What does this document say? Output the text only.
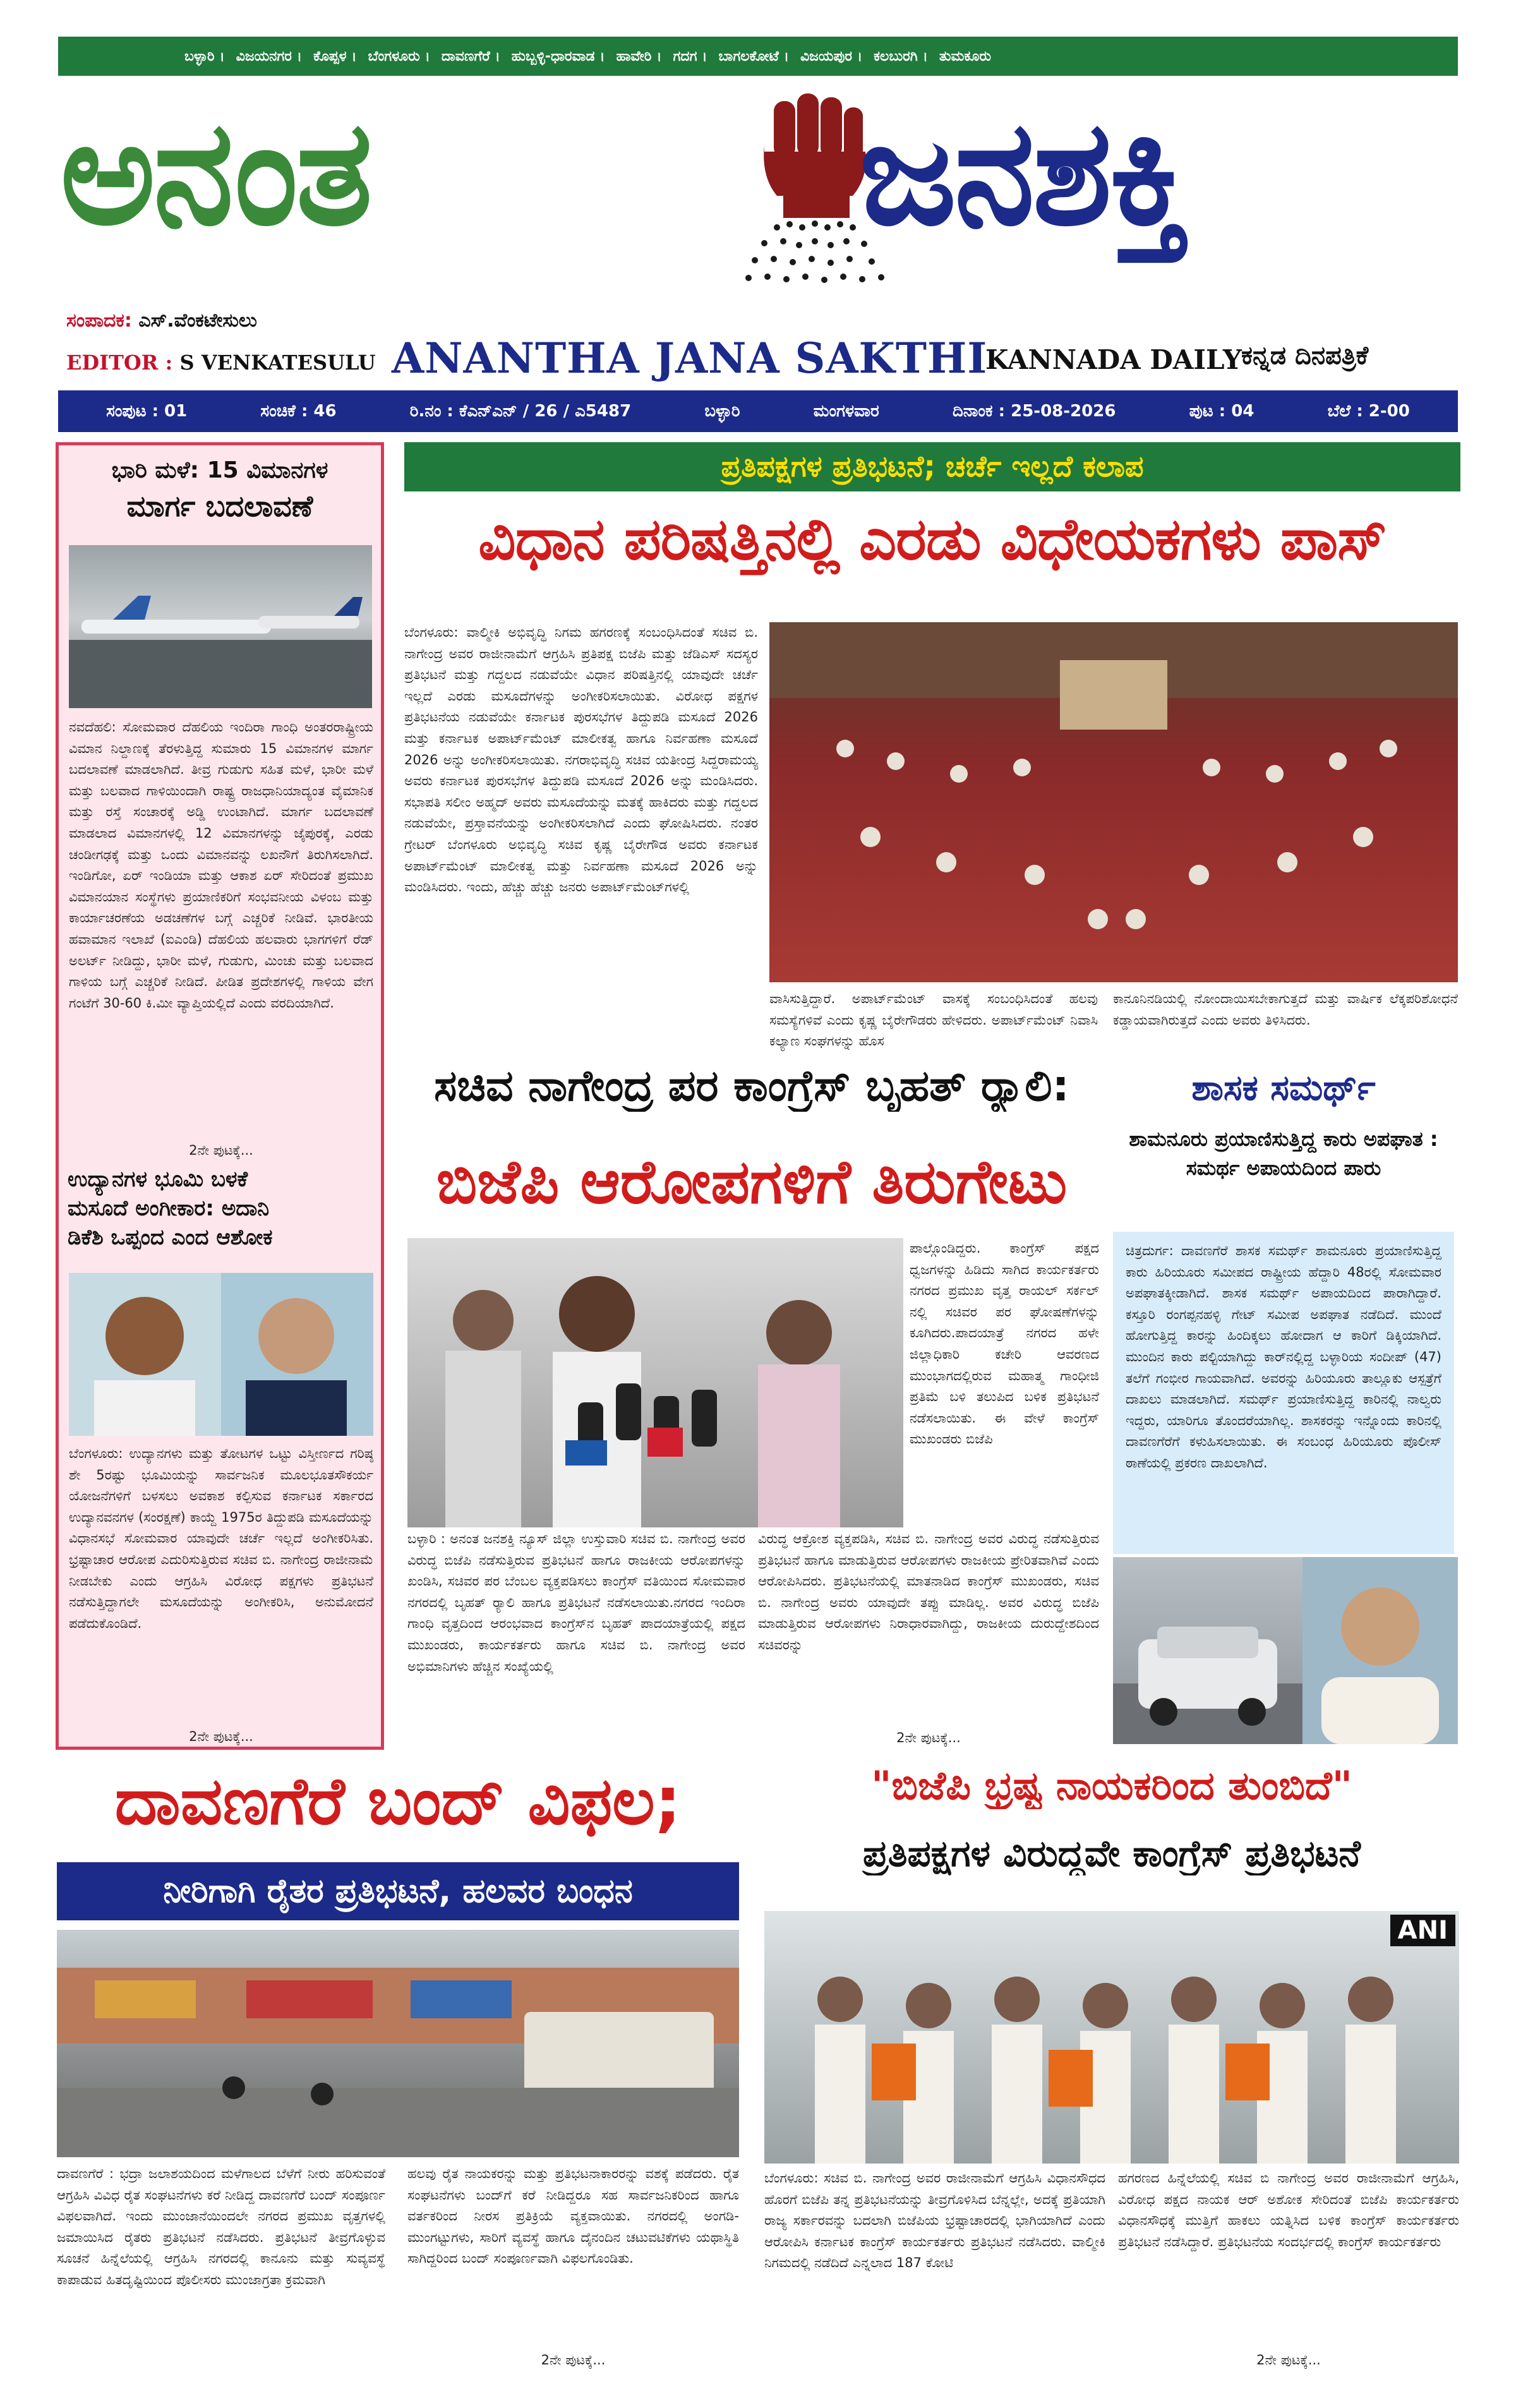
ಬಳ್ಳಾರಿ । ವಿಜಯನಗರ । ಕೊಪ್ಪಳ । ಬೆಂಗಳೂರು । ದಾವಣಗೆರೆ । ಹುಬ್ಬಳ್ಳಿ-ಧಾರವಾಡ । ಹಾವೇರಿ । ಗದಗ । ಬಾಗಲಕೋಟೆ । ವಿಜಯಪುರ । ಕಲಬುರಗಿ । ತುಮಕೂರು
ಅನಂತ	ಜನಶಕ್ತಿ
ಸಂಪಾದಕ: ಎಸ್.ವೆಂಕಟೇಸುಲು
EDITOR : S VENKATESULU ANANTHA JANA SAKTHI
KANNADA DAILY ಕನ್ನಡ ದಿನಪತ್ರಿಕೆ
ಸಂಪುಟ : 01	ಸಂಚಿಕೆ : 46	ರಿ.ನಂ : ಕೆಎನ್ಎನ್ / 26 / ಎ5487	ಬಳ್ಳಾರಿ	ಮಂಗಳವಾರ	ದಿನಾಂಕ : 25-08-2026	ಪುಟ : 04	ಬೆಲೆ : 2-00
ಭಾರಿ ಮಳೆ: 15 ವಿಮಾನಗಳ
ಮಾರ್ಗ ಬದಲಾವಣೆ
ನವದೆಹಲಿ: ಸೋಮವಾರ ದೆಹಲಿಯ ಇಂದಿರಾ ಗಾಂಧಿ ಅಂತರರಾಷ್ಟ್ರೀಯ ವಿಮಾನ ನಿಲ್ದಾಣಕ್ಕೆ ತೆರಳುತ್ತಿದ್ದ ಸುಮಾರು 15 ವಿಮಾನಗಳ ಮಾರ್ಗ ಬದಲಾವಣೆ ಮಾಡಲಾಗಿದೆ. ತೀವ್ರ ಗುಡುಗು ಸಹಿತ ಮಳೆ, ಭಾರೀ ಮಳೆ ಮತ್ತು ಬಲವಾದ ಗಾಳಿಯಿಂದಾಗಿ ರಾಷ್ಟ್ರ ರಾಜಧಾನಿಯಾದ್ಯಂತ ವೈಮಾನಿಕ ಮತ್ತು ರಸ್ತೆ ಸಂಚಾರಕ್ಕೆ ಅಡ್ಡಿ ಉಂಟಾಗಿದೆ. ಮಾರ್ಗ ಬದಲಾವಣೆ ಮಾಡಲಾದ ವಿಮಾನಗಳಲ್ಲಿ 12 ವಿಮಾನಗಳನ್ನು ಜೈಪುರಕ್ಕೆ, ಎರಡು ಚಂಡೀಗಢಕ್ಕೆ ಮತ್ತು ಒಂದು ವಿಮಾನವನ್ನು ಲಖನೌಗೆ ತಿರುಗಿಸಲಾಗಿದೆ. ಇಂಡಿಗೋ, ಏರ್ ಇಂಡಿಯಾ ಮತ್ತು ಆಕಾಶ ಏರ್ ಸೇರಿದಂತೆ ಪ್ರಮುಖ ವಿಮಾನಯಾನ ಸಂಸ್ಥೆಗಳು ಪ್ರಯಾಣಿಕರಿಗೆ ಸಂಭವನೀಯ ವಿಳಂಬ ಮತ್ತು ಕಾರ್ಯಾಚರಣೆಯ ಅಡಚಣೆಗಳ ಬಗ್ಗೆ ಎಚ್ಚರಿಕೆ ನೀಡಿವೆ. ಭಾರತೀಯ ಹವಾಮಾನ ಇಲಾಖೆ (ಐಎಂಡಿ) ದೆಹಲಿಯ ಹಲವಾರು ಭಾಗಗಳಿಗೆ ರೆಡ್ ಅಲರ್ಟ್ ನೀಡಿದ್ದು, ಭಾರೀ ಮಳೆ, ಗುಡುಗು, ಮಿಂಚು ಮತ್ತು ಬಲವಾದ ಗಾಳಿಯ ಬಗ್ಗೆ ಎಚ್ಚರಿಕೆ ನೀಡಿದೆ. ಪೀಡಿತ ಪ್ರದೇಶಗಳಲ್ಲಿ ಗಾಳಿಯ ವೇಗ ಗಂಟೆಗೆ 30-60 ಕಿ.ಮೀ ವ್ಯಾಪ್ತಿಯಲ್ಲಿದೆ ಎಂದು ವರದಿಯಾಗಿದೆ.
2ನೇ ಪುಟಕ್ಕೆ...
ಉದ್ಯಾನಗಳ ಭೂಮಿ ಬಳಕೆ
ಮಸೂದೆ ಅಂಗೀಕಾರ: ಅದಾನಿ
ಡಿಕೆಶಿ ಒಪ್ಪಂದ ಎಂದ ಆಶೋಕ
ಬೆಂಗಳೂರು: ಉದ್ಯಾನಗಳು ಮತ್ತು ತೋಟಗಳ ಒಟ್ಟು ವಿಸ್ತೀರ್ಣದ ಗರಿಷ್ಠ ಶೇ 5ರಷ್ಟು ಭೂಮಿಯನ್ನು ಸಾರ್ವಜನಿಕ ಮೂಲಭೂತಸೌಕರ್ಯ ಯೋಜನೆಗಳಿಗೆ ಬಳಸಲು ಅವಕಾಶ ಕಲ್ಪಿಸುವ ಕರ್ನಾಟಕ ಸರ್ಕಾರದ ಉದ್ಯಾನವನಗಳ (ಸಂರಕ್ಷಣೆ) ಕಾಯ್ದೆ 1975ರ ತಿದ್ದುಪಡಿ ಮಸೂದೆಯನ್ನು ವಿಧಾನಸಭೆ ಸೋಮವಾರ ಯಾವುದೇ ಚರ್ಚೆ ಇಲ್ಲದೆ ಅಂಗೀಕರಿಸಿತು. ಭ್ರಷ್ಟಾಚಾರ ಆರೋಪ ಎದುರಿಸುತ್ತಿರುವ ಸಚಿವ ಬಿ. ನಾಗೇಂದ್ರ ರಾಜೀನಾಮೆ ನೀಡಬೇಕು ಎಂದು ಆಗ್ರಹಿಸಿ ವಿರೋಧ ಪಕ್ಷಗಳು ಪ್ರತಿಭಟನೆ ನಡೆಸುತ್ತಿದ್ದಾಗಲೇ ಮಸೂದೆಯನ್ನು ಅಂಗೀಕರಿಸಿ, ಅನುಮೋದನೆ ಪಡೆದುಕೊಂಡಿದೆ.
2ನೇ ಪುಟಕ್ಕೆ...
ಪ್ರತಿಪಕ್ಷಗಳ ಪ್ರತಿಭಟನೆ; ಚರ್ಚೆ ಇಲ್ಲದೆ ಕಲಾಪ
ವಿಧಾನ ಪರಿಷತ್ತಿನಲ್ಲಿ ಎರಡು ವಿಧೇಯಕಗಳು ಪಾಸ್
ಬೆಂಗಳೂರು: ವಾಲ್ಮೀಕಿ ಅಭಿವೃದ್ಧಿ ನಿಗಮ ಹಗರಣಕ್ಕೆ ಸಂಬಂಧಿಸಿದಂತೆ ಸಚಿವ ಬಿ. ನಾಗೇಂದ್ರ ಅವರ ರಾಜೀನಾಮೆಗೆ ಆಗ್ರಹಿಸಿ ಪ್ರತಿಪಕ್ಷ ಬಿಜೆಪಿ ಮತ್ತು ಜೆಡಿಎಸ್ ಸದಸ್ಯರ ಪ್ರತಿಭಟನೆ ಮತ್ತು ಗದ್ದಲದ ನಡುವೆಯೇ ವಿಧಾನ ಪರಿಷತ್ತಿನಲ್ಲಿ ಯಾವುದೇ ಚರ್ಚೆ ಇಲ್ಲದೆ ಎರಡು ಮಸೂದೆಗಳನ್ನು ಅಂಗೀಕರಿಸಲಾಯಿತು. ವಿರೋಧ ಪಕ್ಷಗಳ ಪ್ರತಿಭಟನೆಯ ನಡುವೆಯೇ ಕರ್ನಾಟಕ ಪುರಸಭೆಗಳ ತಿದ್ದುಪಡಿ ಮಸೂದೆ 2026 ಮತ್ತು ಕರ್ನಾಟಕ ಅಪಾರ್ಟ್‌ಮೆಂಟ್ ಮಾಲೀಕತ್ವ ಹಾಗೂ ನಿರ್ವಹಣಾ ಮಸೂದೆ 2026 ಅನ್ನು ಅಂಗೀಕರಿಸಲಾಯಿತು. ನಗರಾಭಿವೃದ್ಧಿ ಸಚಿವ ಯತೀಂದ್ರ ಸಿದ್ದರಾಮಯ್ಯ ಅವರು ಕರ್ನಾಟಕ ಪುರಸಭೆಗಳ ತಿದ್ದುಪಡಿ ಮಸೂದೆ 2026 ಅನ್ನು ಮಂಡಿಸಿದರು. ಸಭಾಪತಿ ಸಲೀಂ ಅಹ್ಮದ್ ಅವರು ಮಸೂದೆಯನ್ನು ಮತಕ್ಕೆ ಹಾಕಿದರು ಮತ್ತು ಗದ್ದಲದ ನಡುವೆಯೇ, ಪ್ರಸ್ತಾವನೆಯನ್ನು ಅಂಗೀಕರಿಸಲಾಗಿದೆ ಎಂದು ಘೋಷಿಸಿದರು. ನಂತರ ಗ್ರೇಟರ್ ಬೆಂಗಳೂರು ಅಭಿವೃದ್ಧಿ ಸಚಿವ ಕೃಷ್ಣ ಬೈರೇಗೌಡ ಅವರು ಕರ್ನಾಟಕ ಅಪಾರ್ಟ್‌ಮೆಂಟ್ ಮಾಲೀಕತ್ವ ಮತ್ತು ನಿರ್ವಹಣಾ ಮಸೂದೆ 2026 ಅನ್ನು ಮಂಡಿಸಿದರು. ಇಂದು, ಹೆಚ್ಚು ಹೆಚ್ಚು ಜನರು ಅಪಾರ್ಟ್‌ಮೆಂಟ್‌ಗಳಲ್ಲಿ
ವಾಸಿಸುತ್ತಿದ್ದಾರೆ. ಅಪಾರ್ಟ್‌ಮೆಂಟ್ ವಾಸಕ್ಕೆ ಸಂಬಂಧಿಸಿದಂತೆ ಹಲವು ಸಮಸ್ಯೆಗಳಿವೆ ಎಂದು ಕೃಷ್ಣ ಬೈರೇಗೌಡರು ಹೇಳಿದರು. ಅಪಾರ್ಟ್‌ಮೆಂಟ್ ನಿವಾಸಿ ಕಲ್ಯಾಣ ಸಂಘಗಳನ್ನು ಹೊಸ
ಕಾನೂನಿನಡಿಯಲ್ಲಿ ನೋಂದಾಯಿಸಬೇಕಾಗುತ್ತದೆ ಮತ್ತು ವಾರ್ಷಿಕ ಲೆಕ್ಕಪರಿಶೋಧನೆ ಕಡ್ಡಾಯವಾಗಿರುತ್ತದೆ ಎಂದು ಅವರು ತಿಳಿಸಿದರು.
ಸಚಿವ ನಾಗೇಂದ್ರ ಪರ ಕಾಂಗ್ರೆಸ್ ಬೃಹತ್ ರ್‍ಯಾಲಿ:
ಬಿಜೆಪಿ ಆರೋಪಗಳಿಗೆ ತಿರುಗೇಟು
ಪಾಲ್ಗೊಂಡಿದ್ದರು. ಕಾಂಗ್ರೆಸ್ ಪಕ್ಷದ ಧ್ವಜಗಳನ್ನು ಹಿಡಿದು ಸಾಗಿದ ಕಾರ್ಯಕರ್ತರು ನಗರದ ಪ್ರಮುಖ ವೃತ್ತ ರಾಯಲ್ ಸರ್ಕಲ್ ನಲ್ಲಿ ಸಚಿವರ ಪರ ಘೋಷಣೆಗಳನ್ನು ಕೂಗಿದರು.ಪಾದಯಾತ್ರೆ ನಗರದ ಹಳೇ ಜಿಲ್ಲಾಧಿಕಾರಿ ಕಚೇರಿ ಆವರಣದ ಮುಂಭಾಗದಲ್ಲಿರುವ ಮಹಾತ್ಮ ಗಾಂಧೀಜಿ ಪ್ರತಿಮೆ ಬಳಿ ತಲುಪಿದ ಬಳಿಕ ಪ್ರತಿಭಟನೆ ನಡೆಸಲಾಯಿತು. ಈ ವೇಳೆ ಕಾಂಗ್ರೆಸ್ ಮುಖಂಡರು ಬಿಜೆಪಿ
ಬಳ್ಳಾರಿ : ಅನಂತ ಜನಶಕ್ತಿ ನ್ಯೂಸ್ ಜಿಲ್ಲಾ ಉಸ್ತುವಾರಿ ಸಚಿವ ಬಿ. ನಾಗೇಂದ್ರ ಅವರ ವಿರುದ್ಧ ಬಿಜೆಪಿ ನಡೆಸುತ್ತಿರುವ ಪ್ರತಿಭಟನೆ ಹಾಗೂ ರಾಜಕೀಯ ಆರೋಪಗಳನ್ನು ಖಂಡಿಸಿ, ಸಚಿವರ ಪರ ಬೆಂಬಲ ವ್ಯಕ್ತಪಡಿಸಲು ಕಾಂಗ್ರೆಸ್ ವತಿಯಿಂದ ಸೋಮವಾರ ನಗರದಲ್ಲಿ ಬೃಹತ್ ರ್‍ಯಾಲಿ ಹಾಗೂ ಪ್ರತಿಭಟನೆ ನಡೆಸಲಾಯಿತು.ನಗರದ ಇಂದಿರಾ ಗಾಂಧಿ ವೃತ್ತದಿಂದ ಆರಂಭವಾದ ಕಾಂಗ್ರೆಸ್‌ನ ಬೃಹತ್ ಪಾದಯಾತ್ರೆಯಲ್ಲಿ ಪಕ್ಷದ ಮುಖಂಡರು, ಕಾರ್ಯಕರ್ತರು ಹಾಗೂ ಸಚಿವ ಬಿ. ನಾಗೇಂದ್ರ ಅವರ ಅಭಿಮಾನಿಗಳು ಹೆಚ್ಚಿನ ಸಂಖ್ಯೆಯಲ್ಲಿ
ವಿರುದ್ಧ ಆಕ್ರೋಶ ವ್ಯಕ್ತಪಡಿಸಿ, ಸಚಿವ ಬಿ. ನಾಗೇಂದ್ರ ಅವರ ವಿರುದ್ಧ ನಡೆಸುತ್ತಿರುವ ಪ್ರತಿಭಟನೆ ಹಾಗೂ ಮಾಡುತ್ತಿರುವ ಆರೋಪಗಳು ರಾಜಕೀಯ ಪ್ರೇರಿತವಾಗಿವೆ ಎಂದು ಆರೋಪಿಸಿದರು. ಪ್ರತಿಭಟನೆಯಲ್ಲಿ ಮಾತನಾಡಿದ ಕಾಂಗ್ರೆಸ್ ಮುಖಂಡರು, ಸಚಿವ ಬಿ. ನಾಗೇಂದ್ರ ಅವರು ಯಾವುದೇ ತಪ್ಪು ಮಾಡಿಲ್ಲ. ಅವರ ವಿರುದ್ಧ ಬಿಜೆಪಿ ಮಾಡುತ್ತಿರುವ ಆರೋಪಗಳು ನಿರಾಧಾರವಾಗಿದ್ದು, ರಾಜಕೀಯ ದುರುದ್ದೇಶದಿಂದ ಸಚಿವರನ್ನು
2ನೇ ಪುಟಕ್ಕೆ...
ಶಾಸಕ ಸಮರ್ಥ್
ಶಾಮನೂರು ಪ್ರಯಾಣಿಸುತ್ತಿದ್ದ ಕಾರು ಅಪಘಾತ : ಸಮರ್ಥ ಅಪಾಯದಿಂದ ಪಾರು
ಚಿತ್ರದುರ್ಗ: ದಾವಣಗೆರೆ ಶಾಸಕ ಸಮರ್ಥ್ ಶಾಮನೂರು ಪ್ರಯಾಣಿಸುತ್ತಿದ್ದ ಕಾರು ಹಿರಿಯೂರು ಸಮೀಪದ ರಾಷ್ಟ್ರೀಯ ಹೆದ್ದಾರಿ 48ರಲ್ಲಿ ಸೋಮವಾರ ಅಪಘಾತಕ್ಕೀಡಾಗಿದೆ. ಶಾಸಕ ಸಮರ್ಥ್ ಅಪಾಯದಿಂದ ಪಾರಾಗಿದ್ದಾರೆ. ಕಸ್ತೂರಿ ರಂಗಪ್ಪನಹಳ್ಳಿ ಗೇಟ್ ಸಮೀಪ ಅಪಘಾತ ನಡೆದಿದೆ. ಮುಂದೆ ಹೋಗುತ್ತಿದ್ದ ಕಾರನ್ನು ಹಿಂದಿಕ್ಕಲು ಹೋದಾಗ ಆ ಕಾರಿಗೆ ಡಿಕ್ಕಿಯಾಗಿದೆ. ಮುಂದಿನ ಕಾರು ಪಲ್ಟಿಯಾಗಿದ್ದು ಕಾರ್‌ನಲ್ಲಿದ್ದ ಬಳ್ಳಾರಿಯ ಸಂದೀಪ್ (47) ತಲೆಗೆ ಗಂಭೀರ ಗಾಯವಾಗಿದೆ. ಅವರನ್ನು ಹಿರಿಯೂರು ತಾಲ್ಲೂಕು ಆಸ್ಪತ್ರೆಗೆ ದಾಖಲು ಮಾಡಲಾಗಿದೆ. ಸಮರ್ಥ್ ಪ್ರಯಾಣಿಸುತ್ತಿದ್ದ ಕಾರಿನಲ್ಲಿ ನಾಲ್ವರು ಇದ್ದರು, ಯಾರಿಗೂ ತೊಂದರೆಯಾಗಿಲ್ಲ. ಶಾಸಕರನ್ನು ಇನ್ನೊಂದು ಕಾರಿನಲ್ಲಿ ದಾವಣಗೆರೆಗೆ ಕಳುಹಿಸಲಾಯಿತು. ಈ ಸಂಬಂಧ ಹಿರಿಯೂರು ಪೊಲೀಸ್ ಠಾಣೆಯಲ್ಲಿ ಪ್ರಕರಣ ದಾಖಲಾಗಿದೆ.
ದಾವಣಗೆರೆ ಬಂದ್ ವಿಫಲ;
ನೀರಿಗಾಗಿ ರೈತರ ಪ್ರತಿಭಟನೆ, ಹಲವರ ಬಂಧನ
ದಾವಣಗೆರೆ : ಭದ್ರಾ ಜಲಾಶಯದಿಂದ ಮಳೆಗಾಲದ ಬೆಳೆಗೆ ನೀರು ಹರಿಸುವಂತೆ ಆಗ್ರಹಿಸಿ ವಿವಿಧ ರೈತ ಸಂಘಟನೆಗಳು ಕರೆ ನೀಡಿದ್ದ ದಾವಣಗೆರೆ ಬಂದ್ ಸಂಪೂರ್ಣ ವಿಫಲವಾಗಿದೆ. ಇಂದು ಮುಂಜಾನೆಯಿಂದಲೇ ನಗರದ ಪ್ರಮುಖ ವೃತ್ತಗಳಲ್ಲಿ ಜಮಾಯಿಸಿದ ರೈತರು ಪ್ರತಿಭಟನೆ ನಡೆಸಿದರು. ಪ್ರತಿಭಟನೆ ತೀವ್ರಗೊಳ್ಳುವ ಸೂಚನೆ ಹಿನ್ನೆಲೆಯಲ್ಲಿ ಆಗ್ರಹಿಸಿ ನಗರದಲ್ಲಿ ಕಾನೂನು ಮತ್ತು ಸುವ್ಯವಸ್ಥೆ ಕಾಪಾಡುವ ಹಿತದೃಷ್ಟಿಯಿಂದ ಪೊಲೀಸರು ಮುಂಜಾಗ್ರತಾ ಕ್ರಮವಾಗಿ
ಹಲವು ರೈತ ನಾಯಕರನ್ನು ಮತ್ತು ಪ್ರತಿಭಟನಾಕಾರರನ್ನು ವಶಕ್ಕೆ ಪಡೆದರು. ರೈತ ಸಂಘಟನೆಗಳು ಬಂದ್‌ಗೆ ಕರೆ ನೀಡಿದ್ದರೂ ಸಹ ಸಾರ್ವಜನಿಕರಿಂದ ಹಾಗೂ ವರ್ತಕರಿಂದ ನೀರಸ ಪ್ರತಿಕ್ರಿಯೆ ವ್ಯಕ್ತವಾಯಿತು. ನಗರದಲ್ಲಿ ಅಂಗಡಿ-ಮುಂಗಟ್ಟುಗಳು, ಸಾರಿಗೆ ವ್ಯವಸ್ಥೆ ಹಾಗೂ ದೈನಂದಿನ ಚಟುವಟಿಕೆಗಳು ಯಥಾಸ್ಥಿತಿ ಸಾಗಿದ್ದರಿಂದ ಬಂದ್ ಸಂಪೂರ್ಣವಾಗಿ ವಿಫಲಗೊಂಡಿತು.
2ನೇ ಪುಟಕ್ಕೆ...
"ಬಿಜೆಪಿ ಭ್ರಷ್ಟ ನಾಯಕರಿಂದ ತುಂಬಿದೆ"
ಪ್ರತಿಪಕ್ಷಗಳ ವಿರುದ್ಧವೇ ಕಾಂಗ್ರೆಸ್ ಪ್ರತಿಭಟನೆ
ANI
ಬೆಂಗಳೂರು: ಸಚಿವ ಬಿ. ನಾಗೇಂದ್ರ ಅವರ ರಾಜೀನಾಮೆಗೆ ಆಗ್ರಹಿಸಿ ವಿಧಾನಸೌಧದ ಹೊರಗೆ ಬಿಜೆಪಿ ತನ್ನ ಪ್ರತಿಭಟನೆಯನ್ನು ತೀವ್ರಗೊಳಿಸಿದ ಬೆನ್ನಲ್ಲೇ, ಅದಕ್ಕೆ ಪ್ರತಿಯಾಗಿ ರಾಜ್ಯ ಸರ್ಕಾರವನ್ನು ಬದಲಾಗಿ ಬಿಜೆಪಿಯ ಭ್ರಷ್ಟಾಚಾರದಲ್ಲಿ ಭಾಗಿಯಾಗಿದೆ ಎಂದು ಆರೋಪಿಸಿ ಕರ್ನಾಟಕ ಕಾಂಗ್ರೆಸ್ ಕಾರ್ಯಕರ್ತರು ಪ್ರತಿಭಟನೆ ನಡೆಸಿದರು. ವಾಲ್ಮೀಕಿ ನಿಗಮದಲ್ಲಿ ನಡೆದಿದೆ ಎನ್ನಲಾದ 187 ಕೋಟಿ
ಹಗರಣದ ಹಿನ್ನೆಲೆಯಲ್ಲಿ ಸಚಿವ ಬಿ ನಾಗೇಂದ್ರ ಅವರ ರಾಜೀನಾಮೆಗೆ ಆಗ್ರಹಿಸಿ, ವಿರೋಧ ಪಕ್ಷದ ನಾಯಕ ಆರ್ ಅಶೋಕ ಸೇರಿದಂತೆ ಬಿಜೆಪಿ ಕಾರ್ಯಕರ್ತರು ವಿಧಾನಸೌಧಕ್ಕೆ ಮುತ್ತಿಗೆ ಹಾಕಲು ಯತ್ನಿಸಿದ ಬಳಿಕ ಕಾಂಗ್ರೆಸ್ ಕಾರ್ಯಕರ್ತರು ಪ್ರತಿಭಟನೆ ನಡೆಸಿದ್ದಾರೆ. ಪ್ರತಿಭಟನೆಯ ಸಂದರ್ಭದಲ್ಲಿ ಕಾಂಗ್ರೆಸ್ ಕಾರ್ಯಕರ್ತರು
2ನೇ ಪುಟಕ್ಕೆ...
